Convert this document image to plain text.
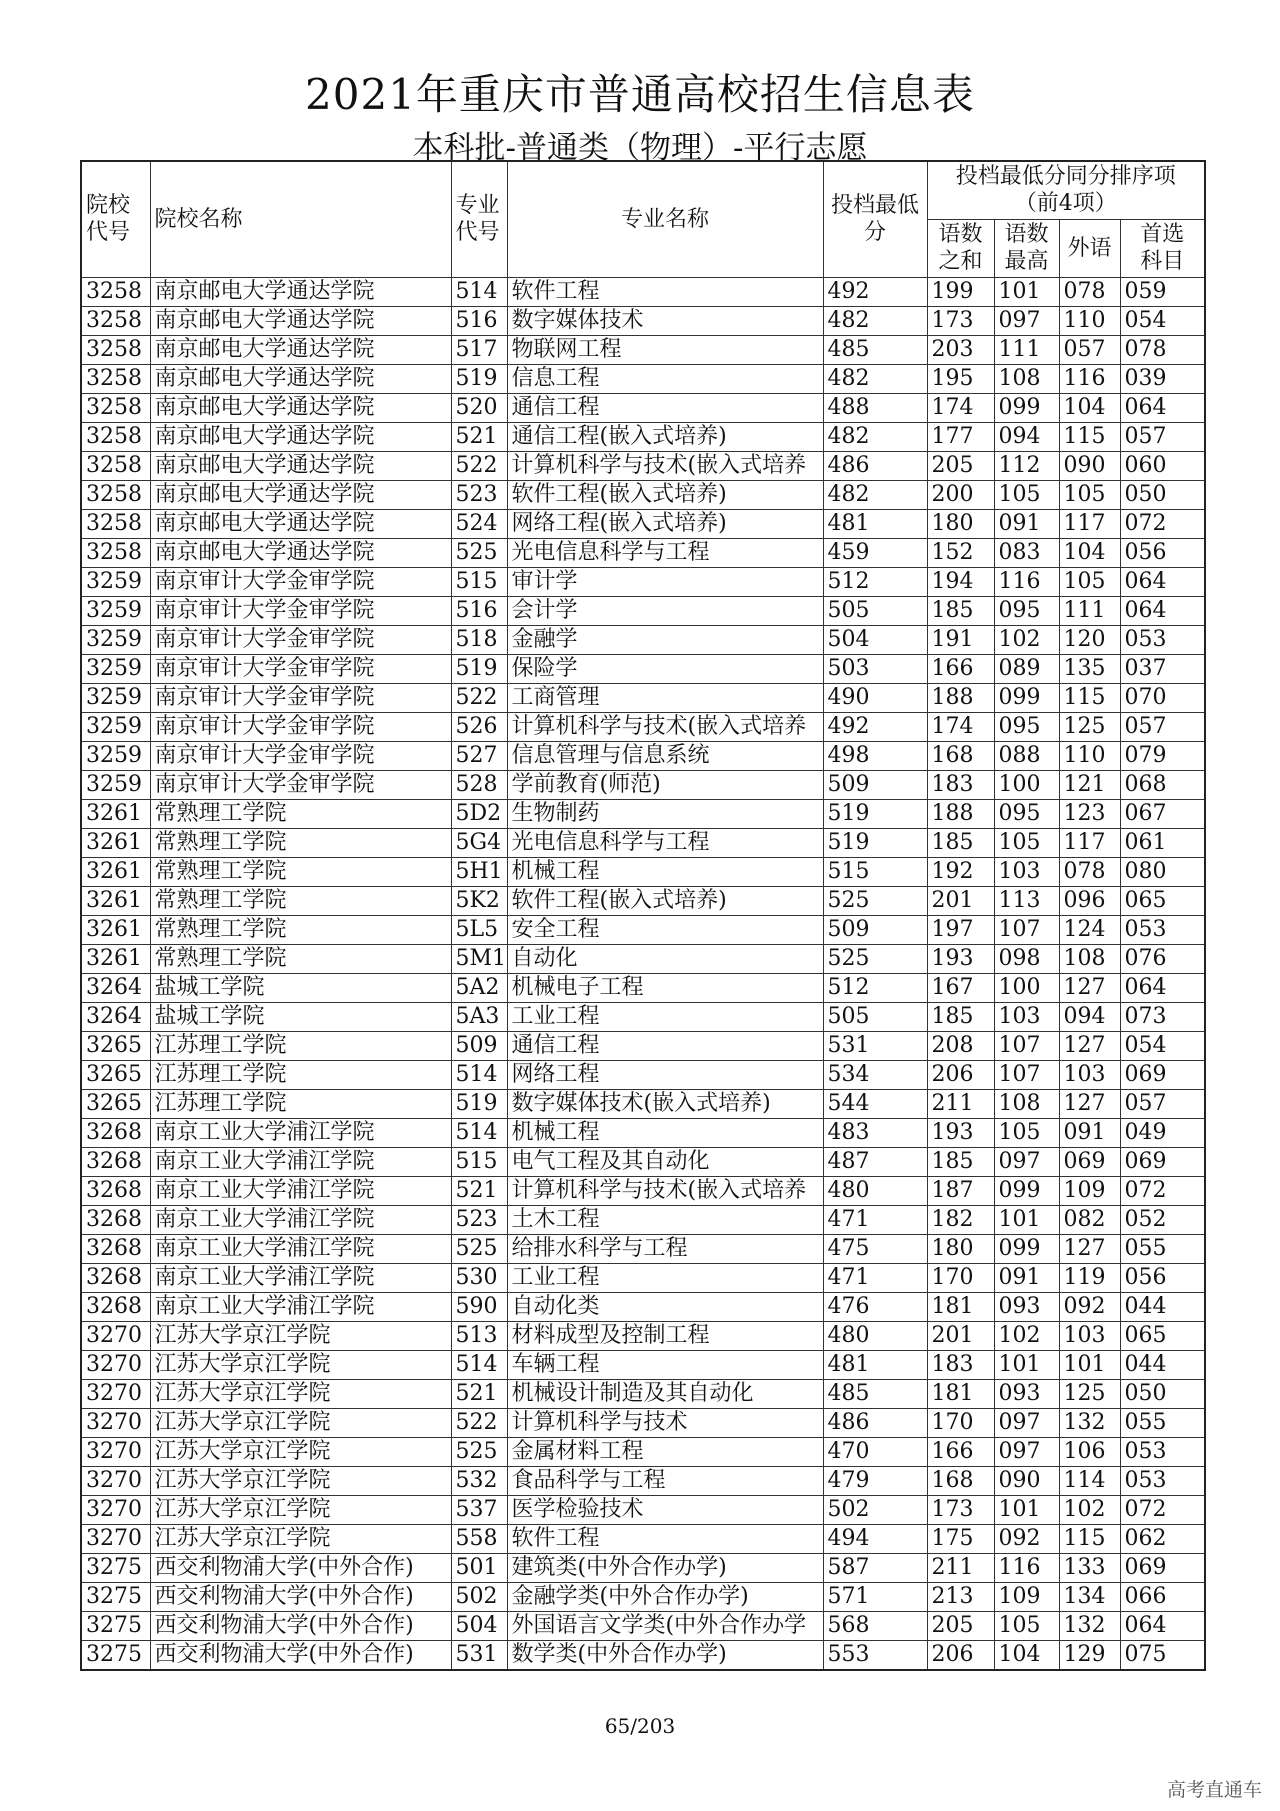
2021年重庆市普通高校招生信息表
本科批-普通类（物理）-平行志愿
院校代号	院校名称	专业代号	专业名称	投档最低分	投档最低分同分排序项（前4项）			
					语数之和	语数最高	外语	首选科目
3258	南京邮电大学通达学院	514	软件工程	492	199	101	078	059
3258	南京邮电大学通达学院	516	数字媒体技术	482	173	097	110	054
3258	南京邮电大学通达学院	517	物联网工程	485	203	111	057	078
3258	南京邮电大学通达学院	519	信息工程	482	195	108	116	039
3258	南京邮电大学通达学院	520	通信工程	488	174	099	104	064
3258	南京邮电大学通达学院	521	通信工程(嵌入式培养)	482	177	094	115	057
3258	南京邮电大学通达学院	522	计算机科学与技术(嵌入式培养	486	205	112	090	060
3258	南京邮电大学通达学院	523	软件工程(嵌入式培养)	482	200	105	105	050
3258	南京邮电大学通达学院	524	网络工程(嵌入式培养)	481	180	091	117	072
3258	南京邮电大学通达学院	525	光电信息科学与工程	459	152	083	104	056
3259	南京审计大学金审学院	515	审计学	512	194	116	105	064
3259	南京审计大学金审学院	516	会计学	505	185	095	111	064
3259	南京审计大学金审学院	518	金融学	504	191	102	120	053
3259	南京审计大学金审学院	519	保险学	503	166	089	135	037
3259	南京审计大学金审学院	522	工商管理	490	188	099	115	070
3259	南京审计大学金审学院	526	计算机科学与技术(嵌入式培养	492	174	095	125	057
3259	南京审计大学金审学院	527	信息管理与信息系统	498	168	088	110	079
3259	南京审计大学金审学院	528	学前教育(师范)	509	183	100	121	068
3261	常熟理工学院	5D2	生物制药	519	188	095	123	067
3261	常熟理工学院	5G4	光电信息科学与工程	519	185	105	117	061
3261	常熟理工学院	5H1	机械工程	515	192	103	078	080
3261	常熟理工学院	5K2	软件工程(嵌入式培养)	525	201	113	096	065
3261	常熟理工学院	5L5	安全工程	509	197	107	124	053
3261	常熟理工学院	5M1	自动化	525	193	098	108	076
3264	盐城工学院	5A2	机械电子工程	512	167	100	127	064
3264	盐城工学院	5A3	工业工程	505	185	103	094	073
3265	江苏理工学院	509	通信工程	531	208	107	127	054
3265	江苏理工学院	514	网络工程	534	206	107	103	069
3265	江苏理工学院	519	数字媒体技术(嵌入式培养)	544	211	108	127	057
3268	南京工业大学浦江学院	514	机械工程	483	193	105	091	049
3268	南京工业大学浦江学院	515	电气工程及其自动化	487	185	097	069	069
3268	南京工业大学浦江学院	521	计算机科学与技术(嵌入式培养	480	187	099	109	072
3268	南京工业大学浦江学院	523	土木工程	471	182	101	082	052
3268	南京工业大学浦江学院	525	给排水科学与工程	475	180	099	127	055
3268	南京工业大学浦江学院	530	工业工程	471	170	091	119	056
3268	南京工业大学浦江学院	590	自动化类	476	181	093	092	044
3270	江苏大学京江学院	513	材料成型及控制工程	480	201	102	103	065
3270	江苏大学京江学院	514	车辆工程	481	183	101	101	044
3270	江苏大学京江学院	521	机械设计制造及其自动化	485	181	093	125	050
3270	江苏大学京江学院	522	计算机科学与技术	486	170	097	132	055
3270	江苏大学京江学院	525	金属材料工程	470	166	097	106	053
3270	江苏大学京江学院	532	食品科学与工程	479	168	090	114	053
3270	江苏大学京江学院	537	医学检验技术	502	173	101	102	072
3270	江苏大学京江学院	558	软件工程	494	175	092	115	062
3275	西交利物浦大学(中外合作)	501	建筑类(中外合作办学)	587	211	116	133	069
3275	西交利物浦大学(中外合作)	502	金融学类(中外合作办学)	571	213	109	134	066
3275	西交利物浦大学(中外合作)	504	外国语言文学类(中外合作办学	568	205	105	132	064
3275	西交利物浦大学(中外合作)	531	数学类(中外合作办学)	553	206	104	129	075
65/203
高考直通车
